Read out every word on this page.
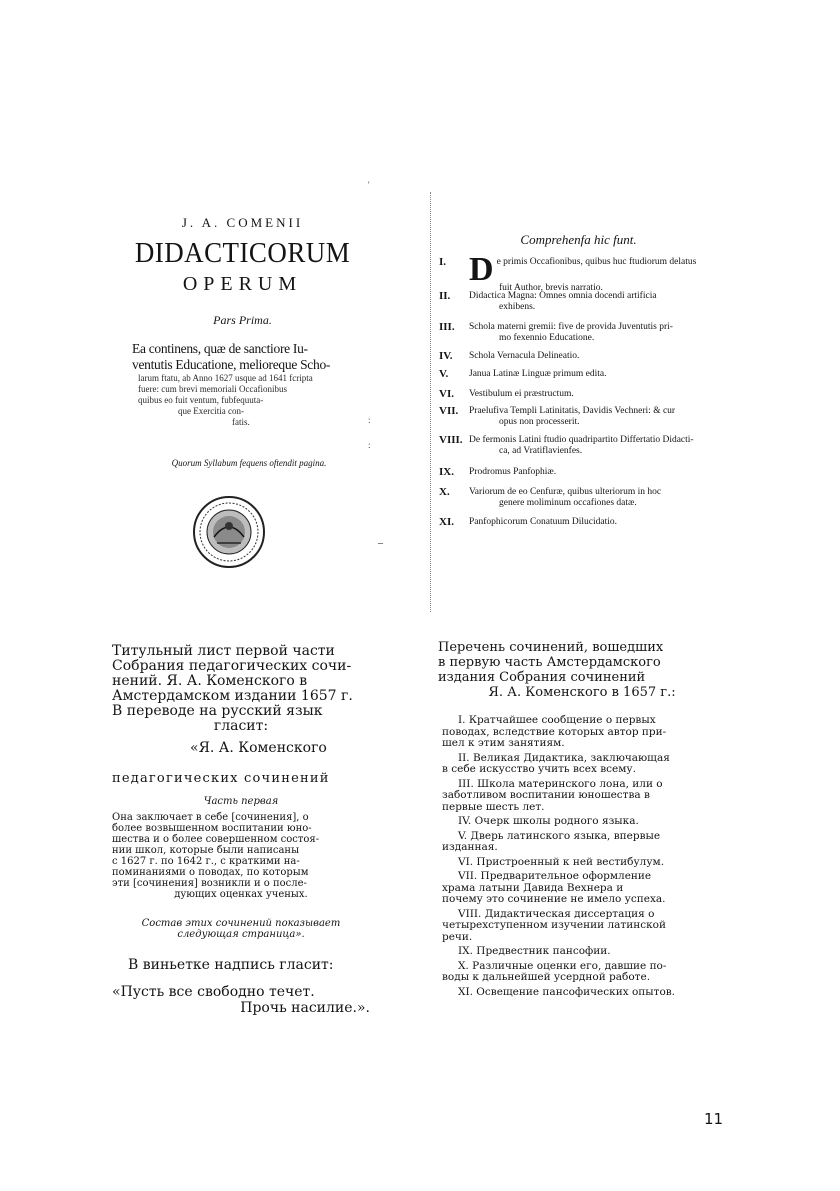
J. A. COMENII
DIDACTICORUM
OPERUM
Pars Prima.
Ea continens, quæ de sanctiore Iu-
ventutis Educatione, melioreque Scho-
larum ftatu, ab Anno 1627 usque ad 1641 fcripta
fuere: cum brevi memoriali Occafionibus
quibus eo fuit ventum, fubfequuta-
que Exercitia con-
fatis.
Quorum Syllabum fequens oftendit pagina.
'
:
:
–
Comprehenfa hic funt.
I. D e primis Occafionibus, quibus huc ftudiorum delatus
fuit Author, brevis narratio.
II. Didactica Magna: Omnes omnia docendi artificia
exhibens.
III. Schola materni gremii: five de provida Juventutis pri-
mo fexennio Educatione.
IV. Schola Vernacula Delineatio.
V. Janua Latinæ Linguæ primum edita.
VI. Vestibulum ei præstructum.
VII. Praelufiva Templi Latinitatis, Davidis Vechneri: & cur
opus non processerit.
VIII. De fermonis Latini ftudio quadripartito Differtatio Didacti-
ca, ad Vratiflavienfes.
IX. Prodromus Panfophiæ.
X. Variorum de eo Cenfuræ, quibus ulteriorum in hoc
genere moliminum occafiones datæ.
XI. Panfophicorum Conatuum Dilucidatio.
Титульный лист первой части
Собрания педагогических сочи-
нений. Я. А. Коменского в
Амстердамском издании 1657 г.
В переводе на русский язык
гласит:
«Я. А. Коменского
педагогических сочинений
Часть первая
Она заключает в себе [сочинения], о
более возвышенном воспитании юно-
шества и о более совершенном состоя-
нии школ, которые были написаны
с 1627 г. по 1642 г., с краткими на-
поминаниями о поводах, по которым
эти [сочинения] возникли и о после-
дующих оценках ученых.
Состав этих сочинений показывает
следующая страница».
В виньетке надпись гласит:
«Пусть все свободно течет.
Прочь насилие.».
Перечень сочинений, вошедших
в первую часть Амстердамского
издания Собрания сочинений
Я. А. Коменского в 1657 г.:
I. Кратчайшее сообщение о первых
поводах, вследствие которых автор при-
шел к этим занятиям.
II. Великая Дидактика, заключающая
в себе искусство учить всех всему.
III. Школа материнского лона, или о
заботливом воспитании юношества в
первые шесть лет.
IV. Очерк школы родного языка.
V. Дверь латинского языка, впервые
изданная.
VI. Пристроенный к ней вестибулум.
VII. Предварительное оформление
храма латыни Давида Вехнера и
почему это сочинение не имело успеха.
VIII. Дидактическая диссертация о
четырехступенном изучении латинской
речи.
IX. Предвестник пансофии.
X. Различные оценки его, давшие по-
воды к дальнейшей усердной работе.
XI. Освещение пансофических опытов.
11
